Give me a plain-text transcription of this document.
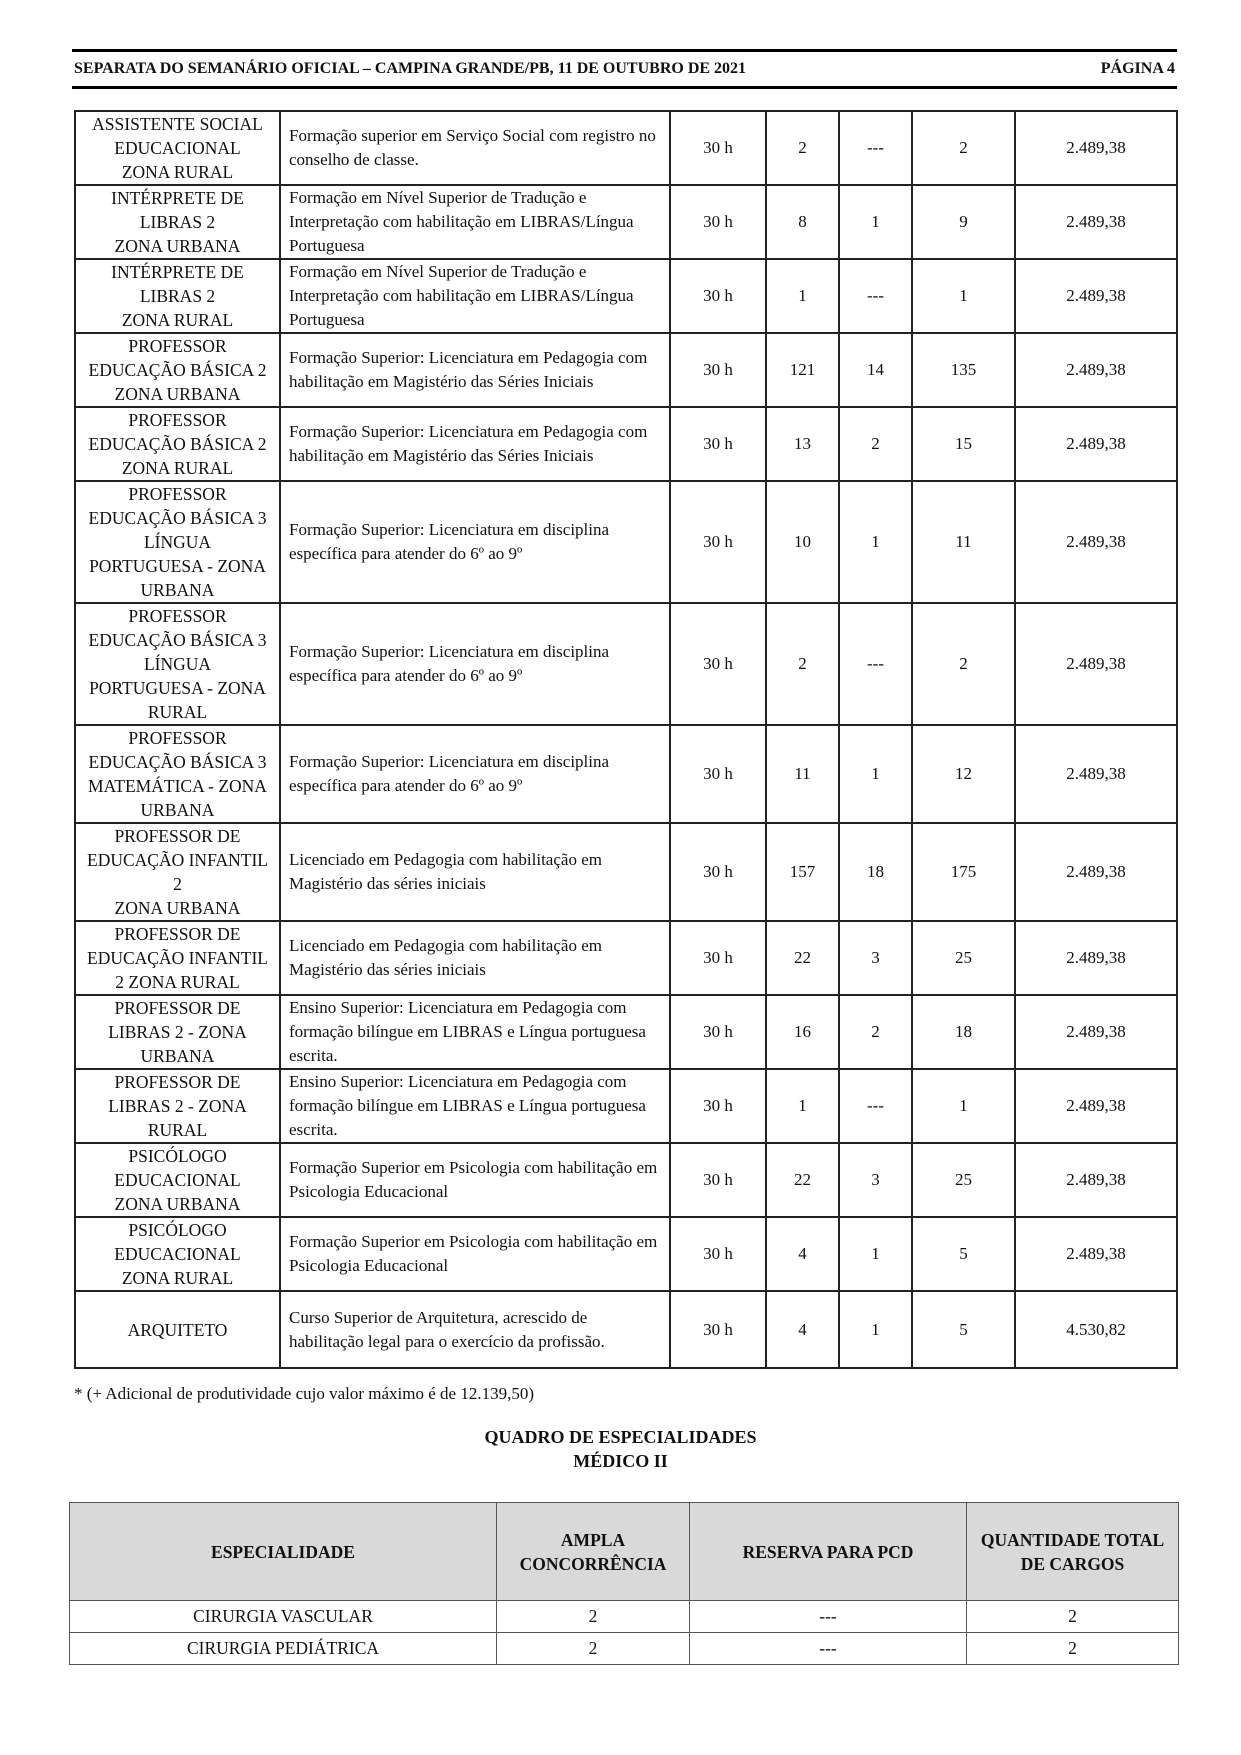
SEPARATA DO SEMANÁRIO OFICIAL – CAMPINA GRANDE/PB, 11 DE OUTUBRO DE 2021	PÁGINA 4
ASSISTENTE SOCIAL
EDUCACIONAL
ZONA RURAL	Formação superior em Serviço Social com registro no conselho de classe.	30 h	2	---	2	2.489,38

INTÉRPRETE DE
LIBRAS 2
ZONA URBANA	Formação em Nível Superior de Tradução e Interpretação com habilitação em LIBRAS/Língua Portuguesa	30 h	8	1	9	2.489,38

INTÉRPRETE DE
LIBRAS 2
ZONA RURAL	Formação em Nível Superior de Tradução e Interpretação com habilitação em LIBRAS/Língua Portuguesa	30 h	1	---	1	2.489,38

PROFESSOR
EDUCAÇÃO BÁSICA 2
ZONA URBANA	Formação Superior: Licenciatura em Pedagogia com habilitação em Magistério das Séries Iniciais	30 h	121	14	135	2.489,38

PROFESSOR
EDUCAÇÃO BÁSICA 2
ZONA RURAL	Formação Superior: Licenciatura em Pedagogia com habilitação em Magistério das Séries Iniciais	30 h	13	2	15	2.489,38

PROFESSOR
EDUCAÇÃO BÁSICA 3
LÍNGUA
PORTUGUESA - ZONA
URBANA	Formação Superior: Licenciatura em disciplina específica para atender do 6º ao 9º	30 h	10	1	11	2.489,38

PROFESSOR
EDUCAÇÃO BÁSICA 3
LÍNGUA
PORTUGUESA - ZONA
RURAL	Formação Superior: Licenciatura em disciplina específica para atender do 6º ao 9º	30 h	2	---	2	2.489,38

PROFESSOR
EDUCAÇÃO BÁSICA 3
MATEMÁTICA - ZONA
URBANA	Formação Superior: Licenciatura em disciplina específica para atender do 6º ao 9º	30 h	11	1	12	2.489,38

PROFESSOR DE
EDUCAÇÃO INFANTIL
2
ZONA URBANA	Licenciado em Pedagogia com habilitação em Magistério das séries iniciais	30 h	157	18	175	2.489,38

PROFESSOR DE
EDUCAÇÃO INFANTIL
2 ZONA RURAL	Licenciado em Pedagogia com habilitação em Magistério das séries iniciais	30 h	22	3	25	2.489,38

PROFESSOR DE
LIBRAS 2 - ZONA
URBANA	Ensino Superior: Licenciatura em Pedagogia com formação bilíngue em LIBRAS e Língua portuguesa escrita.	30 h	16	2	18	2.489,38

PROFESSOR DE
LIBRAS 2 - ZONA
RURAL	Ensino Superior: Licenciatura em Pedagogia com formação bilíngue em LIBRAS e Língua portuguesa escrita.	30 h	1	---	1	2.489,38

PSICÓLOGO
EDUCACIONAL
ZONA URBANA	Formação Superior em Psicologia com habilitação em Psicologia Educacional	30 h	22	3	25	2.489,38

PSICÓLOGO
EDUCACIONAL
ZONA RURAL	Formação Superior em Psicologia com habilitação em Psicologia Educacional	30 h	4	1	5	2.489,38

ARQUITETO	Curso Superior de Arquitetura, acrescido de habilitação legal para o exercício da profissão.	30 h	4	1	5	4.530,82
* (+ Adicional de produtividade cujo valor máximo é de 12.139,50)
QUADRO DE ESPECIALIDADES
MÉDICO II
ESPECIALIDADE	AMPLA CONCORRÊNCIA	RESERVA PARA PCD	QUANTIDADE TOTAL DE CARGOS
CIRURGIA VASCULAR	2	---	2
CIRURGIA PEDIÁTRICA	2	---	2
